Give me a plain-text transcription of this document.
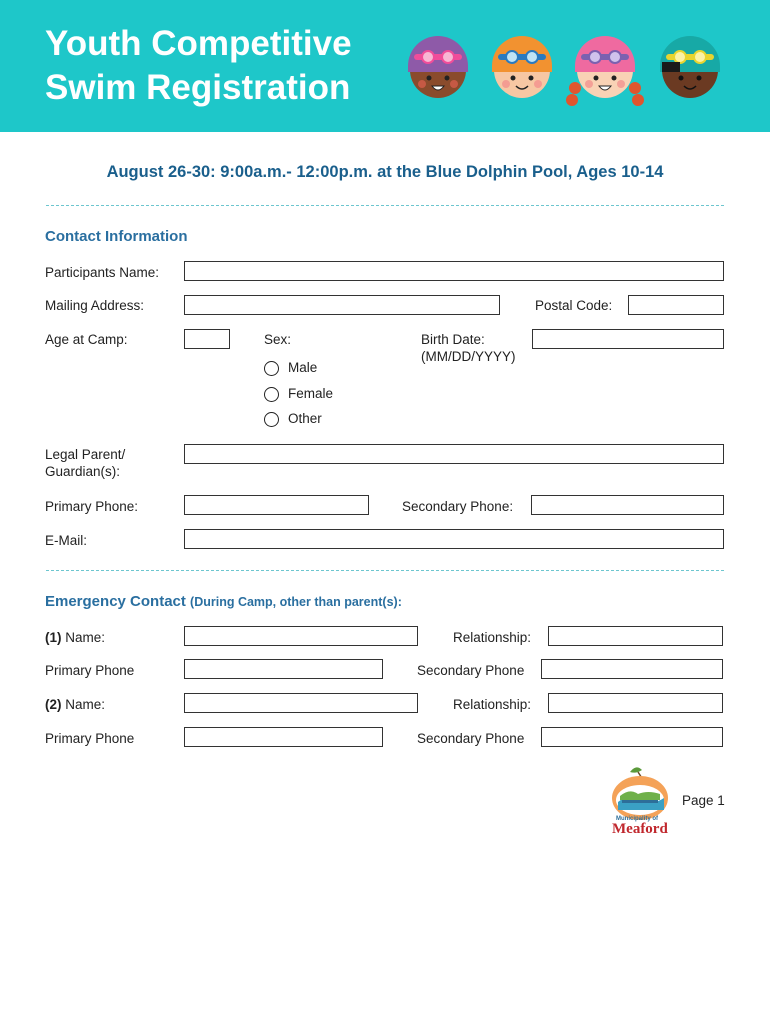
Youth Competitive
Swim Registration
August 26-30: 9:00a.m.- 12:00p.m. at the Blue Dolphin Pool, Ages 10-14
Contact Information
Participants Name:
Mailing Address:	Postal Code:
Age at Camp:	Sex:
Male
Female
Other
Birth Date:
(MM/DD/YYYY)
Legal Parent/
Guardian(s):
Primary Phone:	Secondary Phone:
E-Mail:
Emergency Contact (During Camp, other than parent(s):
(1) Name:	Relationship:
Primary Phone	Secondary Phone
(2) Name:	Relationship:
Primary Phone	Secondary Phone
Municipality of
Meaford
Page 1
